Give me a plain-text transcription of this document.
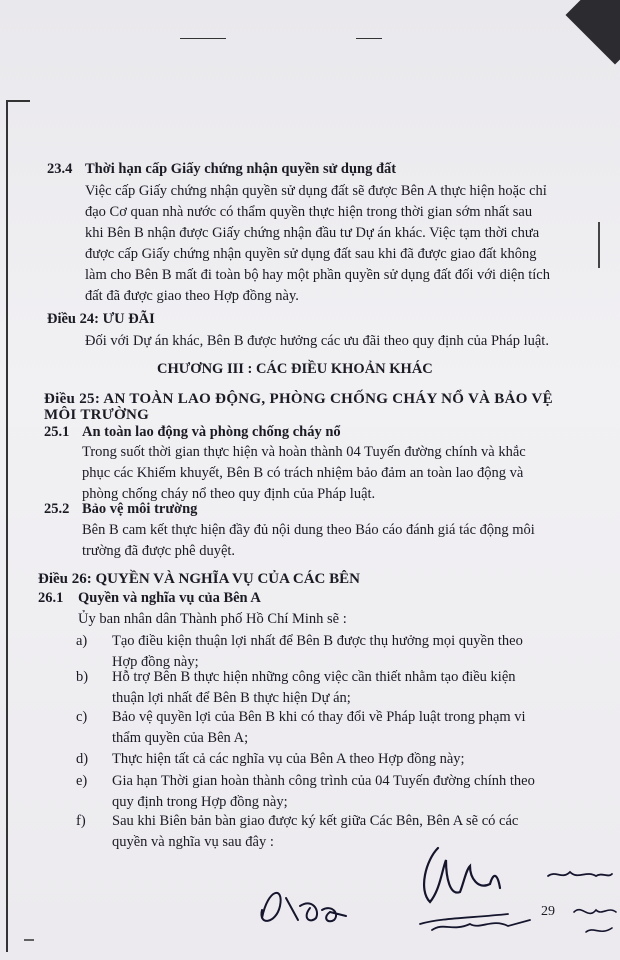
23.4 Thời hạn cấp Giấy chứng nhận quyền sử dụng đất
Việc cấp Giấy chứng nhận quyền sử dụng đất sẽ được Bên A thực hiện hoặc chỉ
đạo Cơ quan nhà nước có thẩm quyền thực hiện trong thời gian sớm nhất sau
khi Bên B nhận được Giấy chứng nhận đầu tư Dự án khác. Việc tạm thời chưa
được cấp Giấy chứng nhận quyền sử dụng đất sau khi đã được giao đất không
làm cho Bên B mất đi toàn bộ hay một phần quyền sử dụng đất đối với diện tích
đất đã được giao theo Hợp đồng này.
Điều 24: ƯU ĐÃI
Đối với Dự án khác, Bên B được hưởng các ưu đãi theo quy định của Pháp luật.
CHƯƠNG III : CÁC ĐIỀU KHOẢN KHÁC
Điều 25: AN TOÀN LAO ĐỘNG, PHÒNG CHỐNG CHÁY NỔ VÀ BẢO VỆ
MÔI TRƯỜNG
25.1 An toàn lao động và phòng chống cháy nổ
Trong suốt thời gian thực hiện và hoàn thành 04 Tuyến đường chính và khắc
phục các Khiếm khuyết, Bên B có trách nhiệm bảo đảm an toàn lao động và
phòng chống cháy nổ theo quy định của Pháp luật.
25.2 Bảo vệ môi trường
Bên B cam kết thực hiện đầy đủ nội dung theo Báo cáo đánh giá tác động môi
trường đã được phê duyệt.
Điều 26: QUYỀN VÀ NGHĨA VỤ CỦA CÁC BÊN
26.1 Quyền và nghĩa vụ của Bên A
Ủy ban nhân dân Thành phố Hồ Chí Minh sẽ :
a) Tạo điều kiện thuận lợi nhất để Bên B được thụ hưởng mọi quyền theo
Hợp đồng này;
b) Hỗ trợ Bên B thực hiện những công việc cần thiết nhằm tạo điều kiện
thuận lợi nhất để Bên B thực hiện Dự án;
c) Bảo vệ quyền lợi của Bên B khi có thay đổi về Pháp luật trong phạm vi
thẩm quyền của Bên A;
d) Thực hiện tất cả các nghĩa vụ của Bên A theo Hợp đồng này;
e) Gia hạn Thời gian hoàn thành công trình của 04 Tuyến đường chính theo
quy định trong Hợp đồng này;
f) Sau khi Biên bản bàn giao được ký kết giữa Các Bên, Bên A sẽ có các
quyền và nghĩa vụ sau đây :
29
